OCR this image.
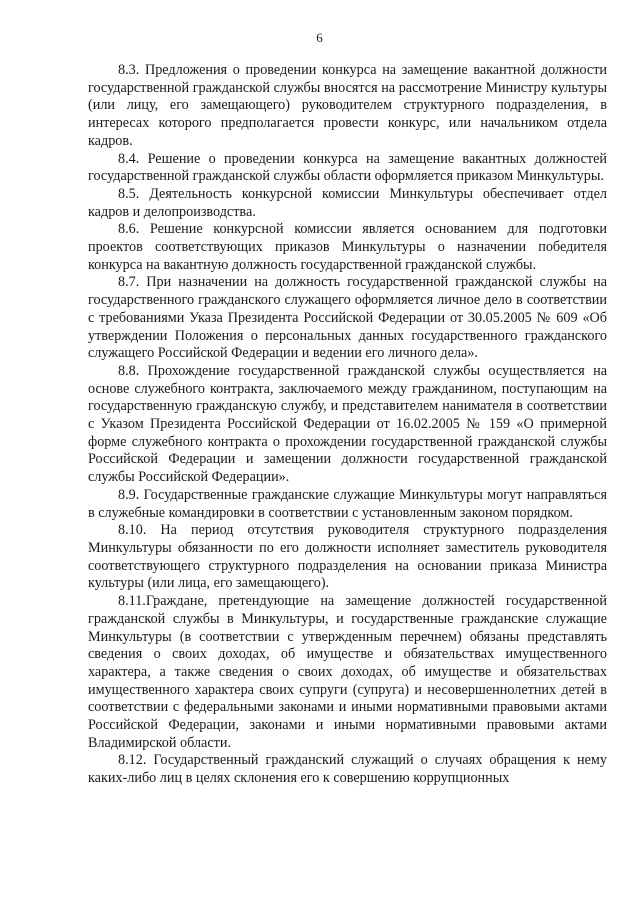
6

8.3. Предложения о проведении конкурса на замещение вакантной должности государственной гражданской службы вносятся на рассмотрение Министру культуры (или лицу, его замещающего) руководителем структурного подразделения, в интересах которого предполагается провести конкурс, или начальником отдела кадров.

8.4. Решение о проведении конкурса на замещение вакантных должностей государственной гражданской службы области оформляется приказом Минкультуры.

8.5. Деятельность конкурсной комиссии Минкультуры обеспечивает отдел кадров и делопроизводства.

8.6. Решение конкурсной комиссии является основанием для подготовки проектов соответствующих приказов Минкультуры о назначении победителя конкурса на вакантную должность государственной гражданской службы.

8.7. При назначении на должность государственной гражданской службы на государственного гражданского служащего оформляется личное дело в соответствии с требованиями Указа Президента Российской Федерации от 30.05.2005 № 609 «Об утверждении Положения о персональных данных государственного гражданского служащего Российской Федерации и ведении его личного дела».

8.8. Прохождение государственной гражданской службы осуществляется на основе служебного контракта, заключаемого между гражданином, поступающим на государственную гражданскую службу, и представителем нанимателя в соответствии с Указом Президента Российской Федерации от 16.02.2005 № 159 «О примерной форме служебного контракта о прохождении государственной гражданской службы Российской Федерации и замещении должности государственной гражданской службы Российской Федерации».

8.9. Государственные гражданские служащие Минкультуры могут направляться в служебные командировки в соответствии с установленным законом порядком.

8.10. На период отсутствия руководителя структурного подразделения Минкультуры обязанности по его должности исполняет заместитель руководителя соответствующего структурного подразделения на основании приказа Министра культуры (или лица, его замещающего).

8.11.Граждане, претендующие на замещение должностей государственной гражданской службы в Минкультуры, и государственные гражданские служащие Минкультуры (в соответствии с утвержденным перечнем) обязаны представлять сведения о своих доходах, об имуществе и обязательствах имущественного характера, а также сведения о своих доходах, об имуществе и обязательствах имущественного характера своих супруги (супруга) и несовершеннолетних детей в соответствии с федеральными законами и иными нормативными правовыми актами Российской Федерации, законами и иными нормативными правовыми актами Владимирской области.

8.12. Государственный гражданский служащий о случаях обращения к нему каких-либо лиц в целях склонения его к совершению коррупционных
